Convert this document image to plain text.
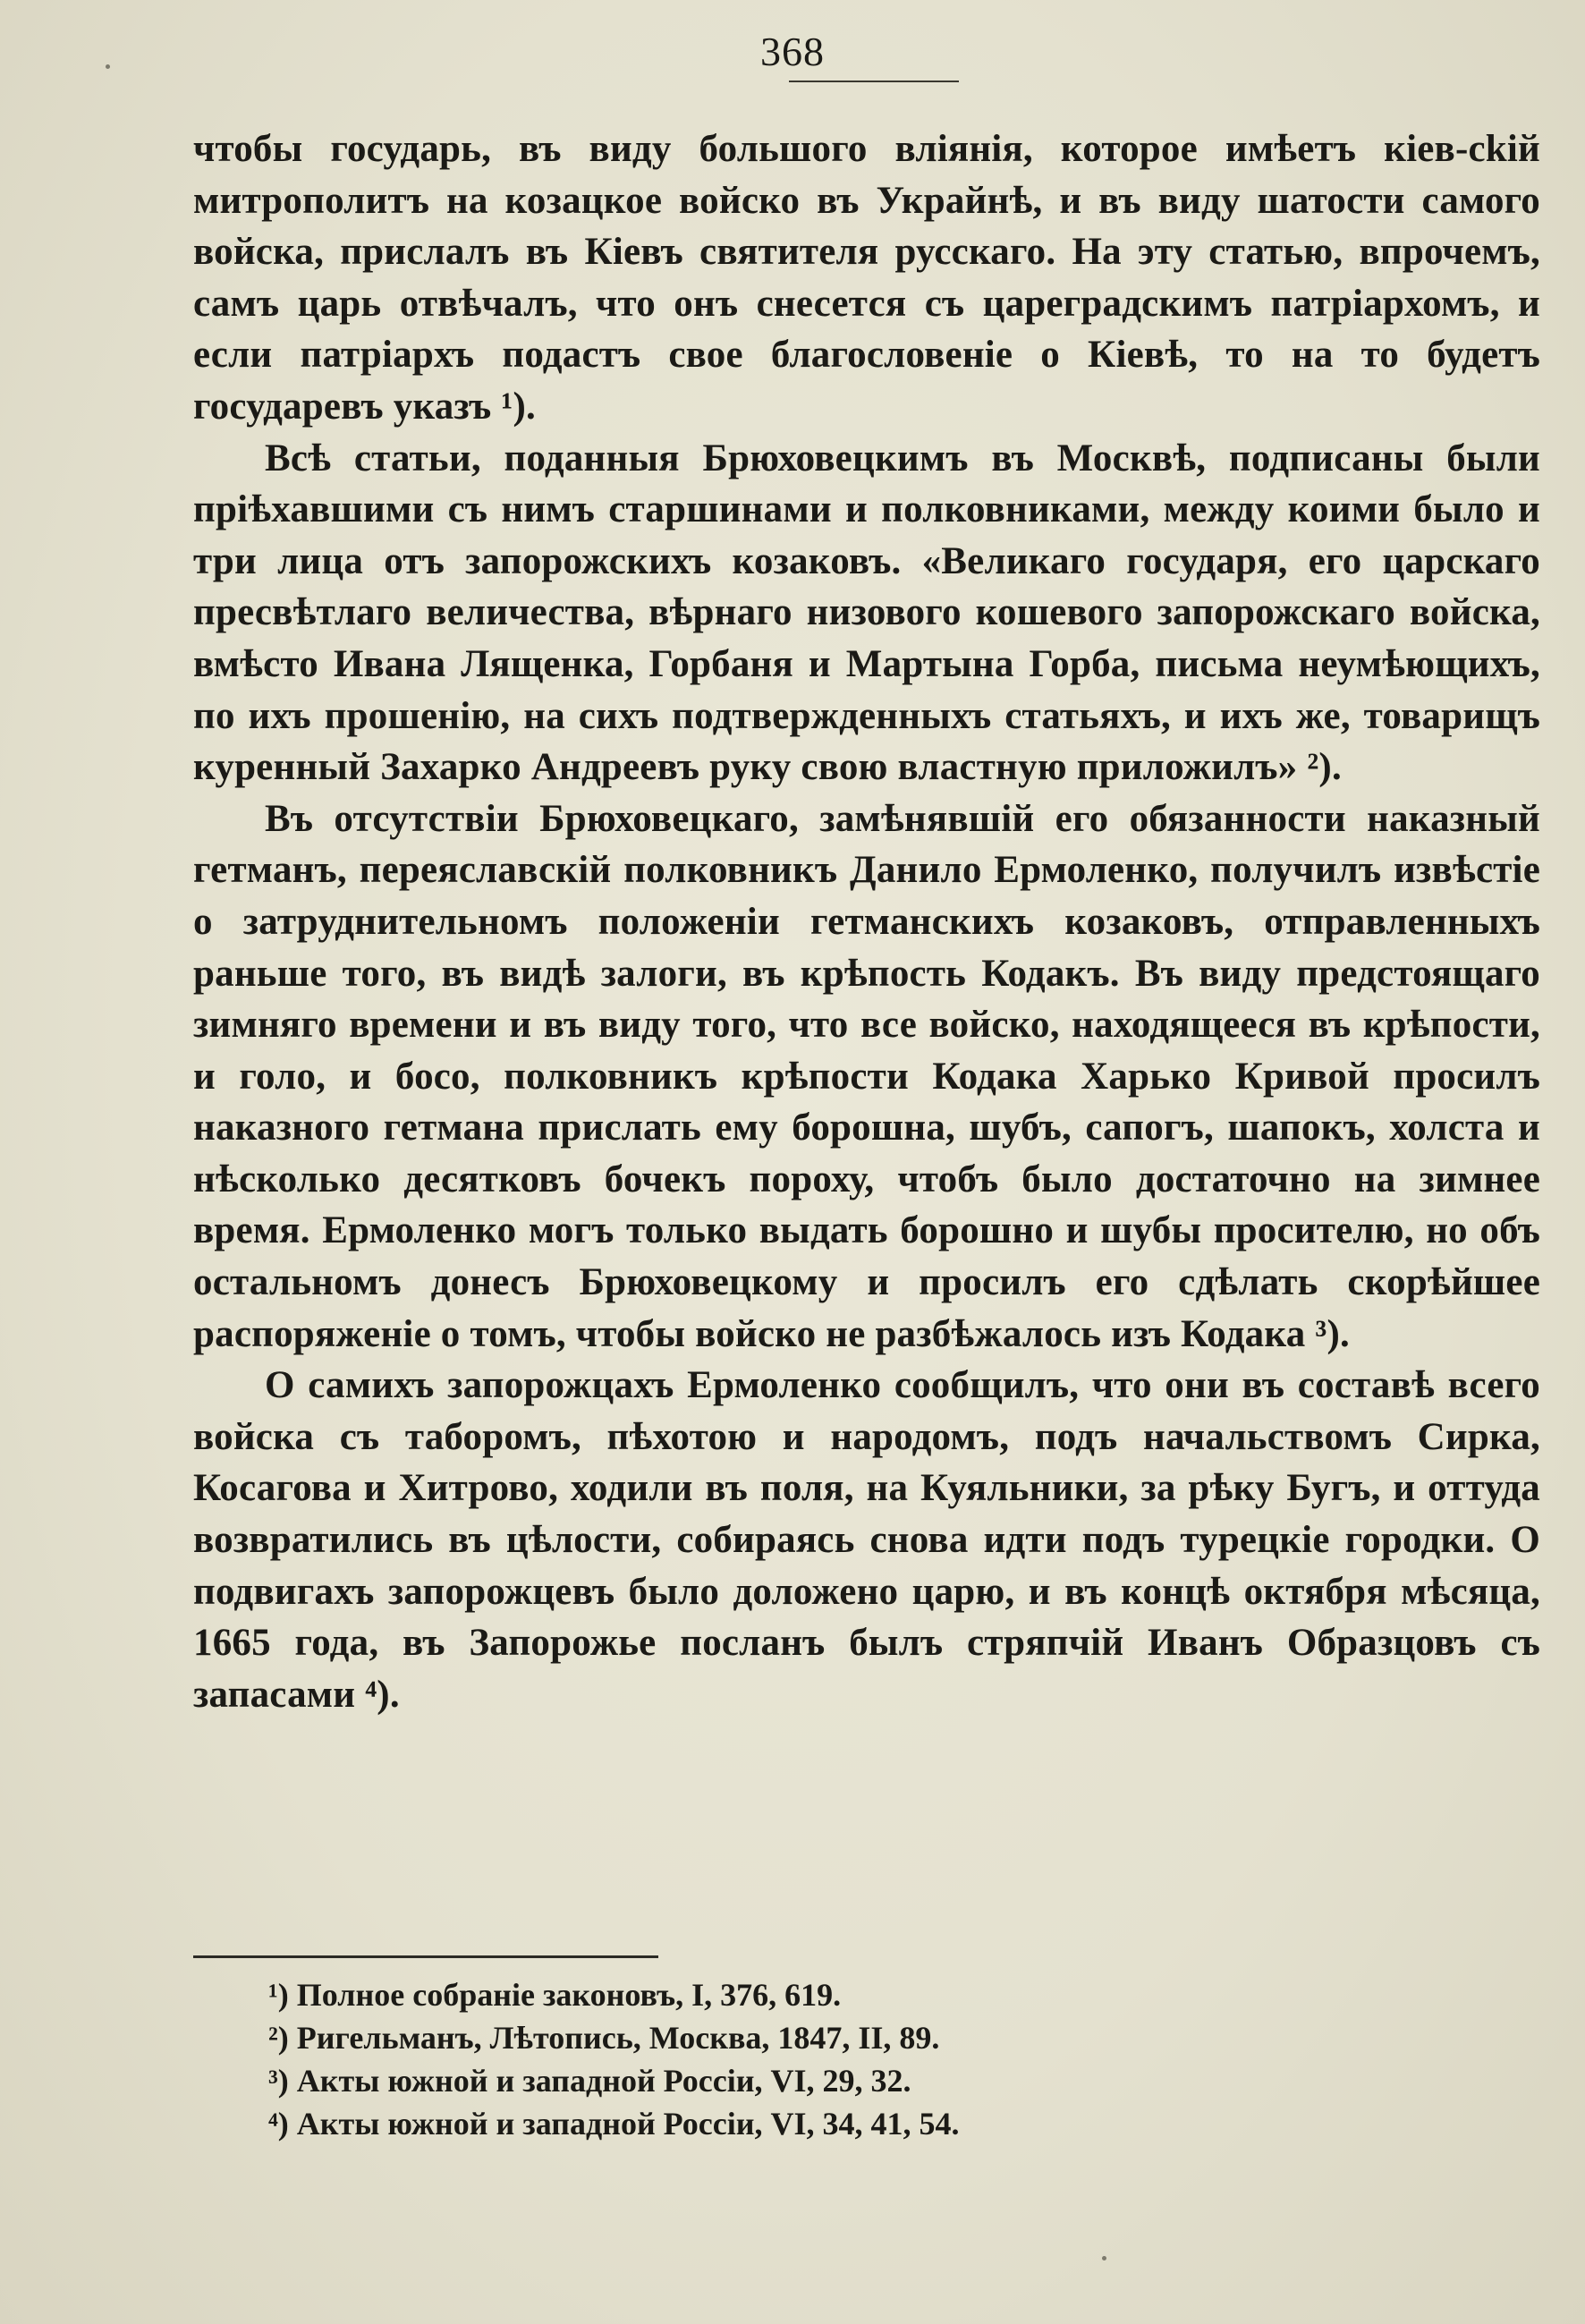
368

чтобы государь, въ виду большого вліянія, которое имѣетъ кіев-ckiй митрополитъ на козацкое войско въ Украйнѣ, и въ виду шатости самого войска, прислалъ въ Кіевъ святителя русскаго. На эту статью, впрочемъ, самъ царь отвѣчалъ, что онъ снесется съ цареградскимъ патріархомъ, и если патріархъ подастъ свое благословеніе о Кіевѣ, то на то будетъ государевъ указъ ¹).

Всѣ статьи, поданныя Брюховецкимъ въ Москвѣ, подписаны были пріѣхавшими съ нимъ старшинами и полковниками, между коими было и три лица отъ запорожскихъ козаковъ. «Великаго государя, его царскаго пресвѣтлаго величества, вѣрнаго низового кошевого запорожскаго войска, вмѣсто Ивана Лященка, Горбаня и Мартына Горба, письма неумѣющихъ, по ихъ прошенію, на сихъ подтвержденныхъ статьяхъ, и ихъ же, товарищъ куренный Захарко Андреевъ руку свою властную приложилъ» ²).

Въ отсутствіи Брюховецкаго, замѣнявшій его обязанности наказный гетманъ, переяславскій полковникъ Данило Ермоленко, получилъ извѣстіе о затруднительномъ положеніи гетманскихъ козаковъ, отправленныхъ раньше того, въ видѣ залоги, въ крѣпость Кодакъ. Въ виду предстоящаго зимняго времени и въ виду того, что все войско, находящееся въ крѣпости, и голо, и босо, полковникъ крѣпости Кодака Харько Кривой просилъ наказного гетмана прислать ему борошна, шубъ, сапогъ, шапокъ, холста и нѣсколько десятковъ бочекъ пороху, чтобъ было достаточно на зимнее время. Ермоленко могъ только выдать борошно и шубы просителю, но объ остальномъ донесъ Брюховецкому и просилъ его сдѣлать скорѣйшее распоряженіе о томъ, чтобы войско не разбѣжалось изъ Кодака ³).

О самихъ запорожцахъ Ермоленко сообщилъ, что они въ составѣ всего войска съ таборомъ, пѣхотою и народомъ, подъ начальствомъ Сирка, Косагова и Хитрово, ходили въ поля, на Куяльники, за рѣку Бугъ, и оттуда возвратились въ цѣлости, собираясь снова идти подъ турецкіе городки. О подвигахъ запорожцевъ было доложено царю, и въ концѣ октября мѣсяца, 1665 года, въ Запорожье посланъ былъ стряпчій Иванъ Образцовъ съ запасами ⁴).

¹) Полное собраніе законовъ, I, 376, 619.
²) Ригельманъ, Лѣтопись, Москва, 1847, II, 89.
³) Акты южной и западной Россіи, VI, 29, 32.
⁴) Акты южной и западной Россіи, VI, 34, 41, 54.
